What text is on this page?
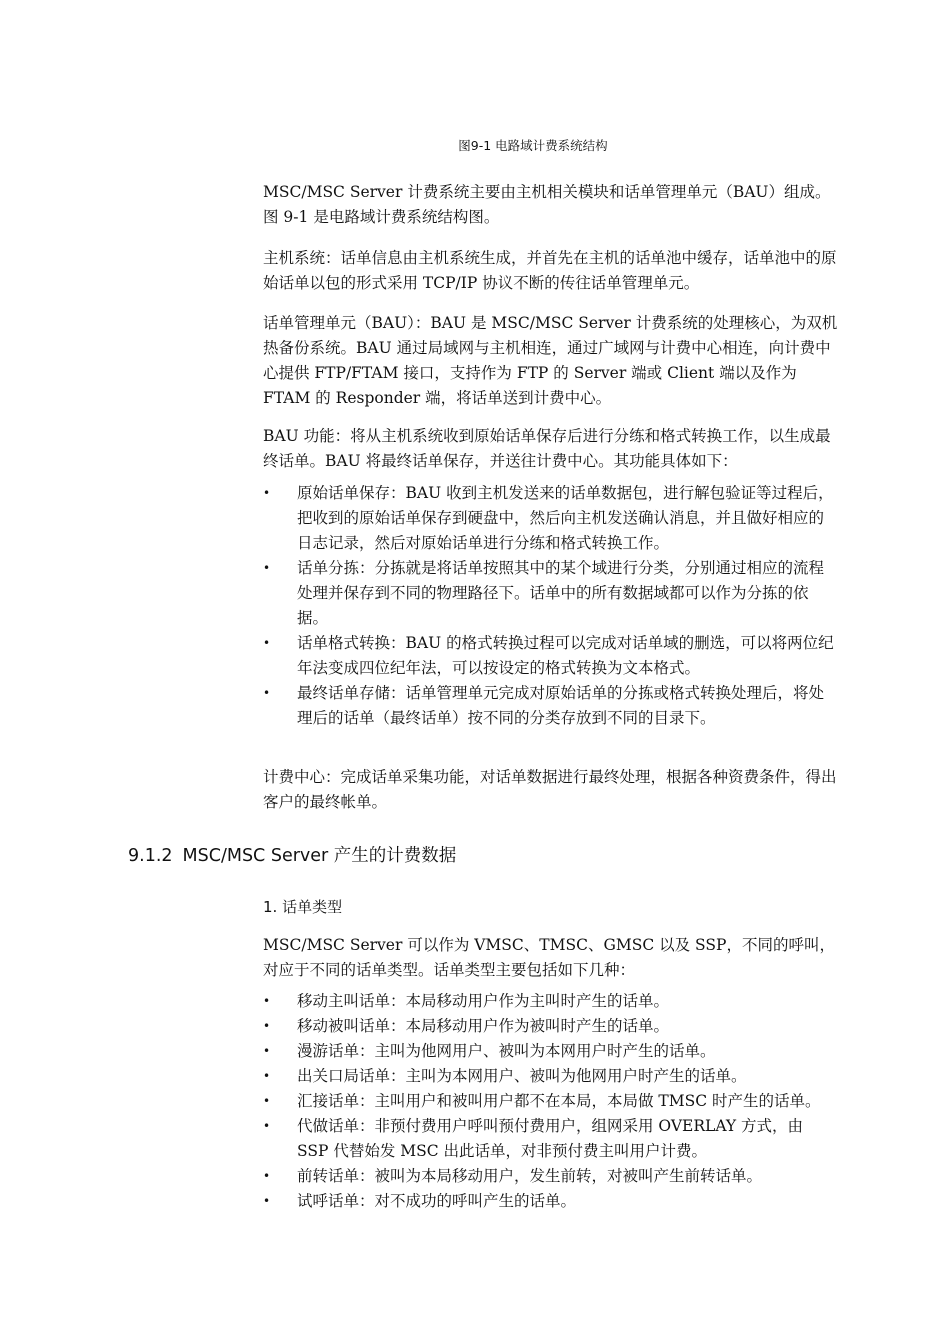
图9-1 电路域计费系统结构

MSC/MSC Server 计费系统主要由主机相关模块和话单管理单元（BAU）组成。图 9-1 是电路域计费系统结构图。

主机系统：话单信息由主机系统生成，并首先在主机的话单池中缓存，话单池中的原始话单以包的形式采用 TCP/IP 协议不断的传往话单管理单元。

话单管理单元（BAU）：BAU 是 MSC/MSC Server 计费系统的处理核心，为双机热备份系统。BAU 通过局域网与主机相连，通过广域网与计费中心相连，向计费中心提供 FTP/FTAM 接口，支持作为 FTP 的 Server 端或 Client 端以及作为 FTAM 的 Responder 端，将话单送到计费中心。

BAU 功能：将从主机系统收到原始话单保存后进行分练和格式转换工作，以生成最终话单。BAU 将最终话单保存，并送往计费中心。其功能具体如下：

• 原始话单保存：BAU 收到主机发送来的话单数据包，进行解包验证等过程后，把收到的原始话单保存到硬盘中，然后向主机发送确认消息，并且做好相应的日志记录，然后对原始话单进行分练和格式转换工作。
• 话单分拣：分拣就是将话单按照其中的某个域进行分类，分别通过相应的流程处理并保存到不同的物理路径下。话单中的所有数据域都可以作为分拣的依据。
• 话单格式转换：BAU 的格式转换过程可以完成对话单域的删选，可以将两位纪年法变成四位纪年法，可以按设定的格式转换为文本格式。
• 最终话单存储：话单管理单元完成对原始话单的分拣或格式转换处理后，将处理后的话单（最终话单）按不同的分类存放到不同的目录下。

计费中心：完成话单采集功能，对话单数据进行最终处理，根据各种资费条件，得出客户的最终帐单。

9.1.2 MSC/MSC Server 产生的计费数据
1. 话单类型

MSC/MSC Server 可以作为 VMSC、TMSC、GMSC 以及 SSP，不同的呼叫，对应于不同的话单类型。话单类型主要包括如下几种：

• 移动主叫话单：本局移动用户作为主叫时产生的话单。
• 移动被叫话单：本局移动用户作为被叫时产生的话单。
• 漫游话单：主叫为他网用户、被叫为本网用户时产生的话单。
• 出关口局话单：主叫为本网用户、被叫为他网用户时产生的话单。
• 汇接话单：主叫用户和被叫用户都不在本局，本局做 TMSC 时产生的话单。
• 代做话单：非预付费用户呼叫预付费用户，组网采用 OVERLAY 方式，由 SSP 代替始发 MSC 出此话单，对非预付费主叫用户计费。
• 前转话单：被叫为本局移动用户，发生前转，对被叫产生前转话单。
• 试呼话单：对不成功的呼叫产生的话单。
